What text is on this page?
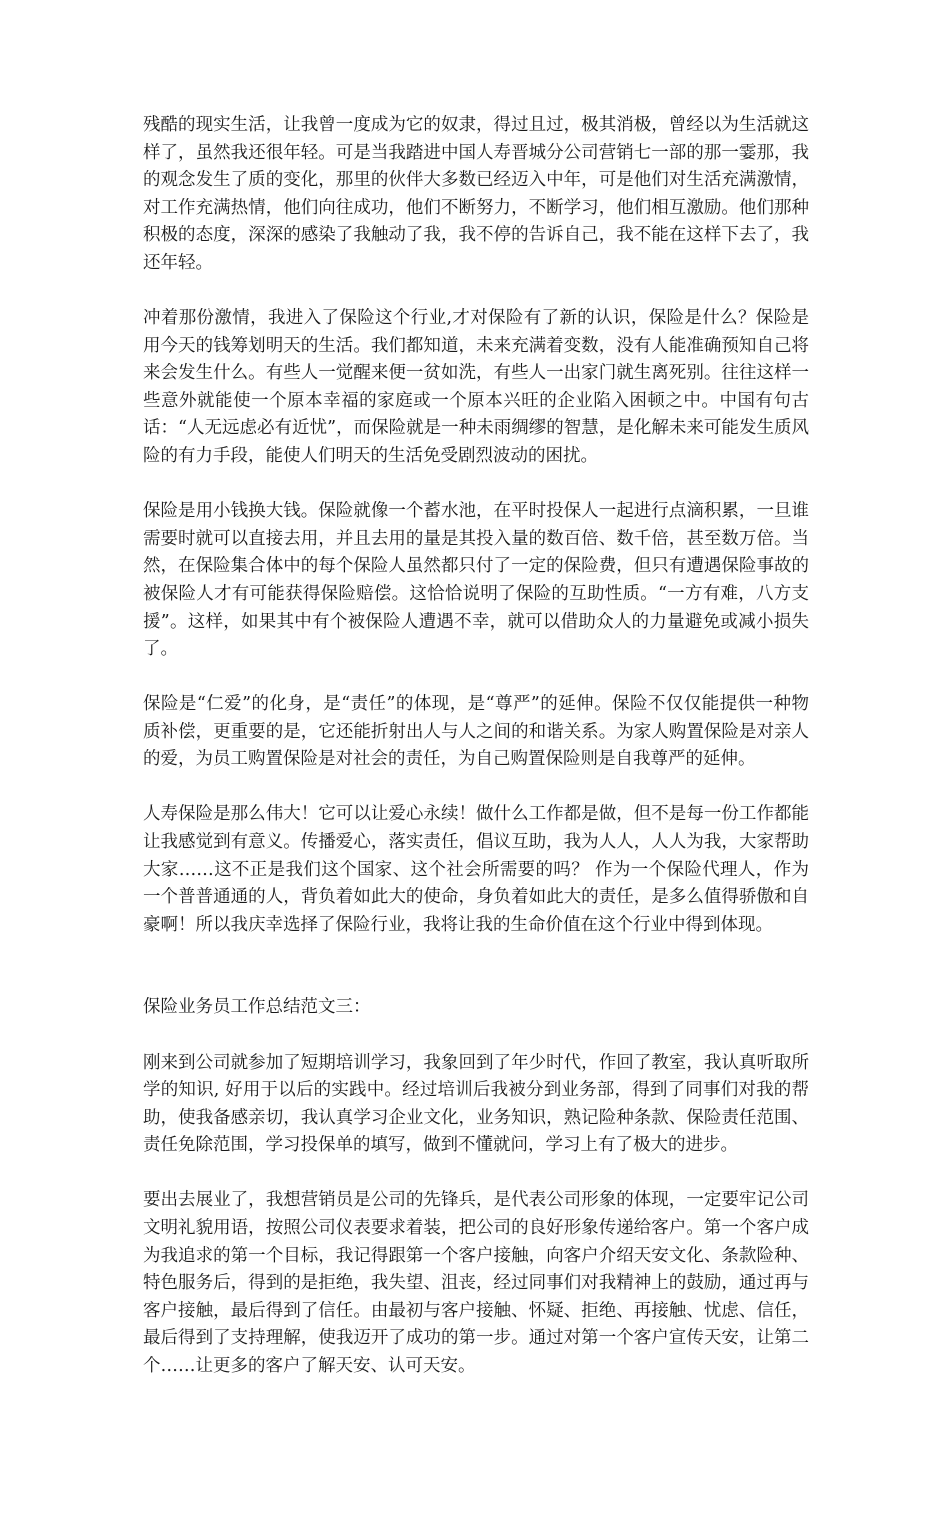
残酷的现实生活，让我曾一度成为它的奴隶，得过且过，极其消极，曾经以为生活就这样了，虽然我还很年轻。可是当我踏进中国人寿晋城分公司营销七一部的那一霎那，我的观念发生了质的变化，那里的伙伴大多数已经迈入中年，可是他们对生活充满激情，对工作充满热情，他们向往成功，他们不断努力，不断学习，他们相互激励。他们那种积极的态度，深深的感染了我触动了我，我不停的告诉自己，我不能在这样下去了，我还年轻。

冲着那份激情，我进入了保险这个行业,才对保险有了新的认识，保险是什么？保险是用今天的钱筹划明天的生活。我们都知道，未来充满着变数，没有人能准确预知自己将来会发生什么。有些人一觉醒来便一贫如洗，有些人一出家门就生离死别。往往这样一些意外就能使一个原本幸福的家庭或一个原本兴旺的企业陷入困顿之中。中国有句古话：“人无远虑必有近忧”，而保险就是一种未雨绸缪的智慧，是化解未来可能发生质风险的有力手段，能使人们明天的生活免受剧烈波动的困扰。

保险是用小钱换大钱。保险就像一个蓄水池，在平时投保人一起进行点滴积累，一旦谁需要时就可以直接去用，并且去用的量是其投入量的数百倍、数千倍，甚至数万倍。当然，在保险集合体中的每个保险人虽然都只付了一定的保险费，但只有遭遇保险事故的被保险人才有可能获得保险赔偿。这恰恰说明了保险的互助性质。“一方有难，八方支援”。这样，如果其中有个被保险人遭遇不幸，就可以借助众人的力量避免或减小损失了。

保险是“仁爱”的化身，是“责任”的体现，是“尊严”的延伸。保险不仅仅能提供一种物质补偿，更重要的是，它还能折射出人与人之间的和谐关系。为家人购置保险是对亲人的爱，为员工购置保险是对社会的责任，为自己购置保险则是自我尊严的延伸。

人寿保险是那么伟大！它可以让爱心永续！做什么工作都是做，但不是每一份工作都能让我感觉到有意义。传播爱心，落实责任，倡议互助，我为人人，人人为我，大家帮助大家……这不正是我们这个国家、这个社会所需要的吗？ 作为一个保险代理人，作为一个普普通通的人，背负着如此大的使命，身负着如此大的责任，是多么值得骄傲和自豪啊！所以我庆幸选择了保险行业，我将让我的生命价值在这个行业中得到体现。

保险业务员工作总结范文三：

刚来到公司就参加了短期培训学习，我象回到了年少时代，作回了教室，我认真听取所学的知识, 好用于以后的实践中。经过培训后我被分到业务部，得到了同事们对我的帮助，使我备感亲切，我认真学习企业文化，业务知识，熟记险种条款、保险责任范围、责任免除范围，学习投保单的填写，做到不懂就问，学习上有了极大的进步。

要出去展业了，我想营销员是公司的先锋兵，是代表公司形象的体现，一定要牢记公司文明礼貌用语，按照公司仪表要求着装，把公司的良好形象传递给客户。第一个客户成为我追求的第一个目标，我记得跟第一个客户接触，向客户介绍天安文化、条款险种、特色服务后，得到的是拒绝，我失望、沮丧，经过同事们对我精神上的鼓励，通过再与客户接触，最后得到了信任。由最初与客户接触、怀疑、拒绝、再接触、忧虑、信任，最后得到了支持理解，使我迈开了成功的第一步。通过对第一个客户宣传天安，让第二个……让更多的客户了解天安、认可天安。
